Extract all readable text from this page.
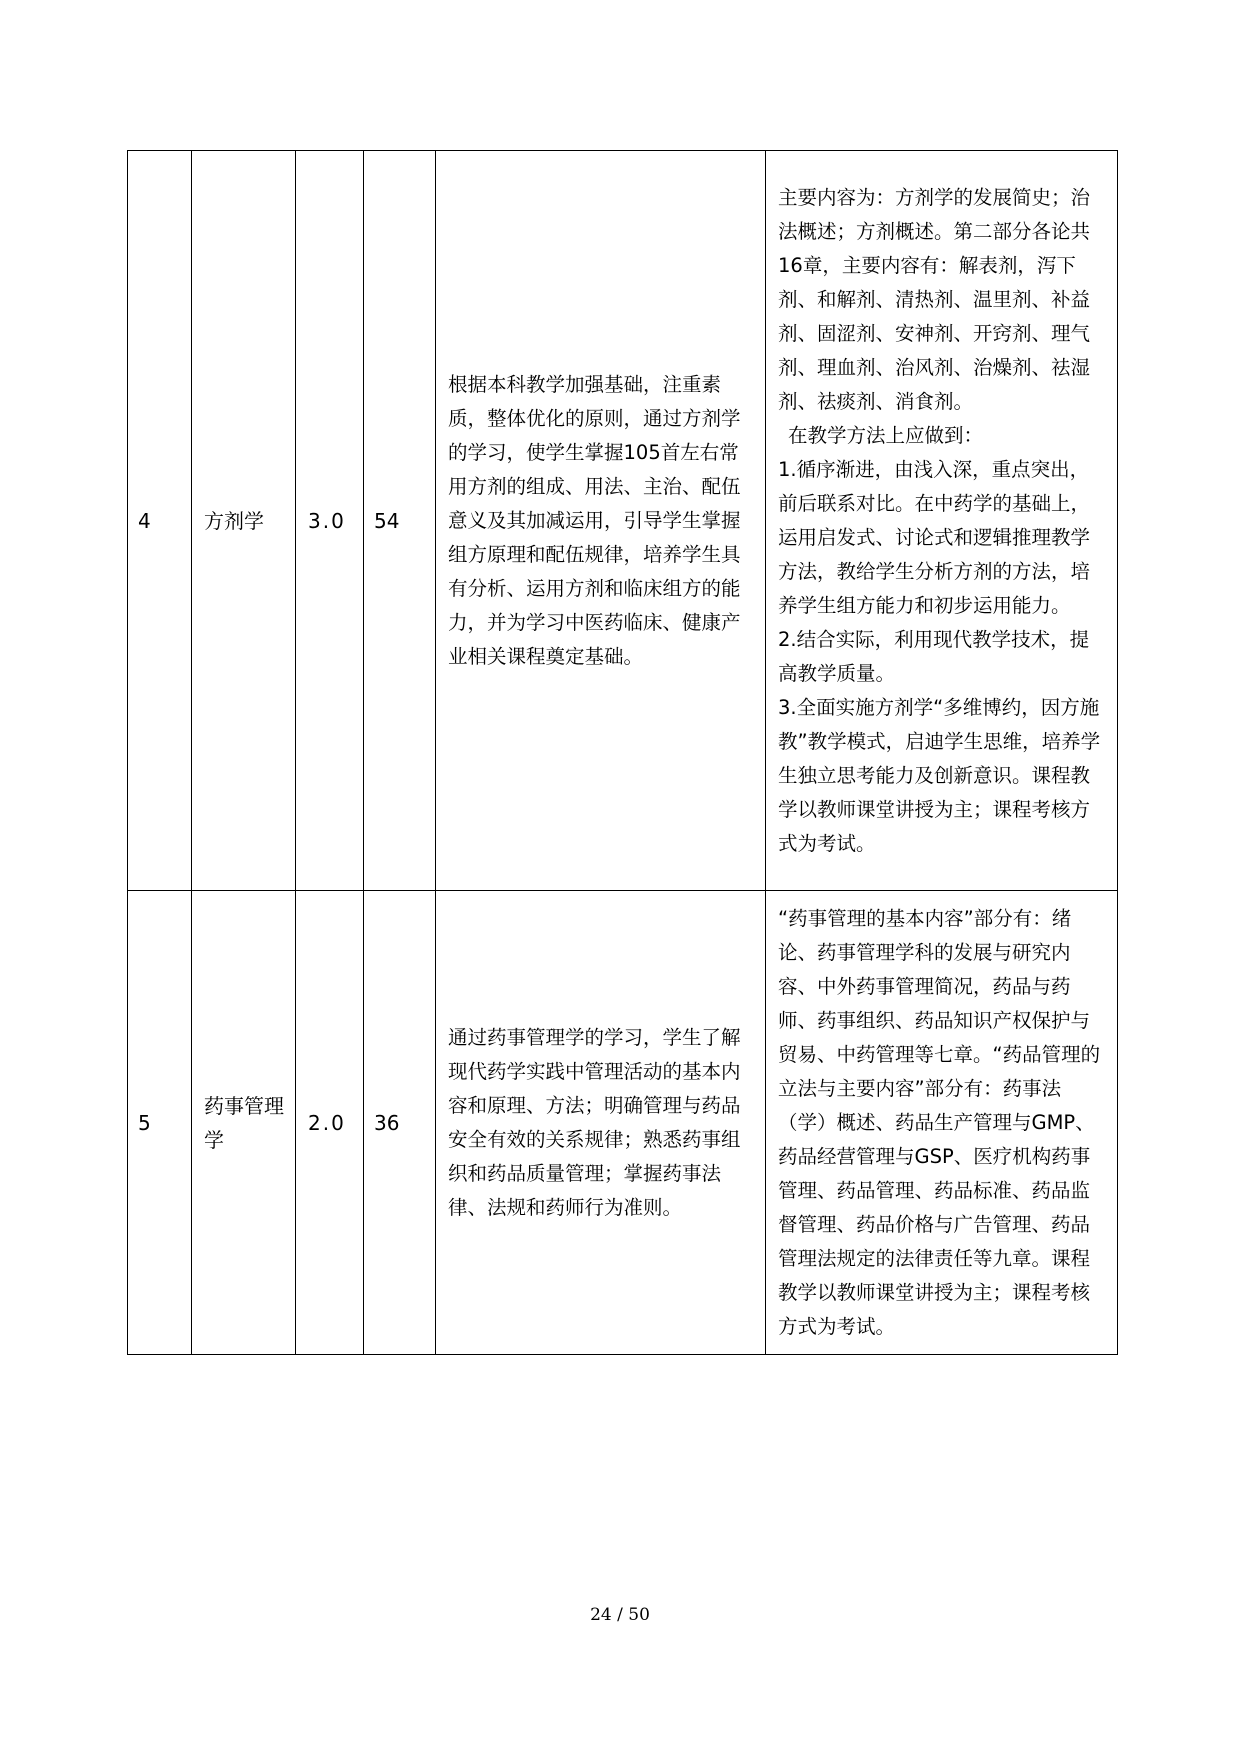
4	方剂学	3.0	54	根据本科教学加强基础，注重素质，整体优化的原则，通过方剂学的学习，使学生掌握105首左右常用方剂的组成、用法、主治、配伍意义及其加减运用，引导学生掌握组方原理和配伍规律，培养学生具有分析、运用方剂和临床组方的能力，并为学习中医药临床、健康产业相关课程奠定基础。	主要内容为：方剂学的发展简史；治法概述；方剂概述。第二部分各论共16章，主要内容有：解表剂，泻下剂、和解剂、清热剂、温里剂、补益剂、固涩剂、安神剂、开窍剂、理气剂、理血剂、治风剂、治燥剂、祛湿剂、祛痰剂、消食剂。

在教学方法上应做到：

1.循序渐进，由浅入深，重点突出，前后联系对比。在中药学的基础上，运用启发式、讨论式和逻辑推理教学方法，教给学生分析方剂的方法，培养学生组方能力和初步运用能力。

2.结合实际，利用现代教学技术，提高教学质量。

3.全面实施方剂学“多维博约，因方施教”教学模式，启迪学生思维，培养学生独立思考能力及创新意识。课程教学以教师课堂讲授为主；课程考核方式为考试。

5	药事管理学	2.0	36	通过药事管理学的学习，学生了解现代药学实践中管理活动的基本内容和原理、方法；明确管理与药品安全有效的关系规律；熟悉药事组织和药品质量管理；掌握药事法律、法规和药师行为准则。	“药事管理的基本内容”部分有：绪论、药事管理学科的发展与研究内容、中外药事管理简况，药品与药师、药事组织、药品知识产权保护与贸易、中药管理等七章。“药品管理的立法与主要内容”部分有：药事法（学）概述、药品生产管理与GMP、药品经营管理与GSP、医疗机构药事管理、药品管理、药品标准、药品监督管理、药品价格与广告管理、药品管理法规定的法律责任等九章。课程教学以教师课堂讲授为主；课程考核方式为考试。

24 / 50
